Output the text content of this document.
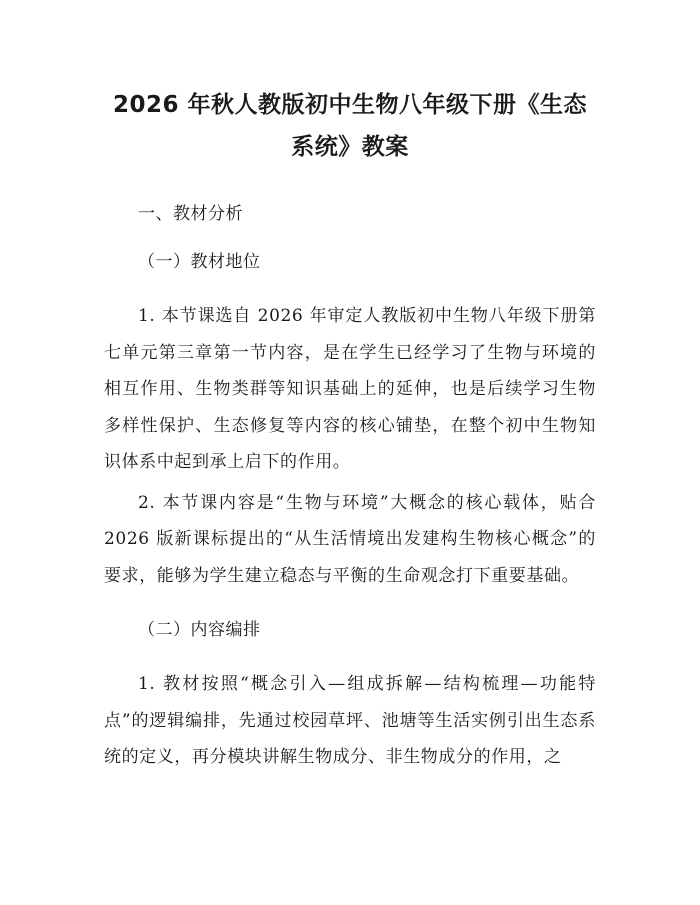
2026 年秋人教版初中生物八年级下册《生态系统》教案

一、教材分析

（一）教材地位

1. 本节课选自 2026 年审定人教版初中生物八年级下册第七单元第三章第一节内容，是在学生已经学习了生物与环境的相互作用、生物类群等知识基础上的延伸，也是后续学习生物多样性保护、生态修复等内容的核心铺垫，在整个初中生物知识体系中起到承上启下的作用。

2. 本节课内容是“生物与环境”大概念的核心载体，贴合 2026 版新课标提出的“从生活情境出发建构生物核心概念”的要求，能够为学生建立稳态与平衡的生命观念打下重要基础。

（二）内容编排

1. 教材按照“概念引入—组成拆解—结构梳理—功能特点”的逻辑编排，先通过校园草坪、池塘等生活实例引出生态系统的定义，再分模块讲解生物成分、非生物成分的作用，之
